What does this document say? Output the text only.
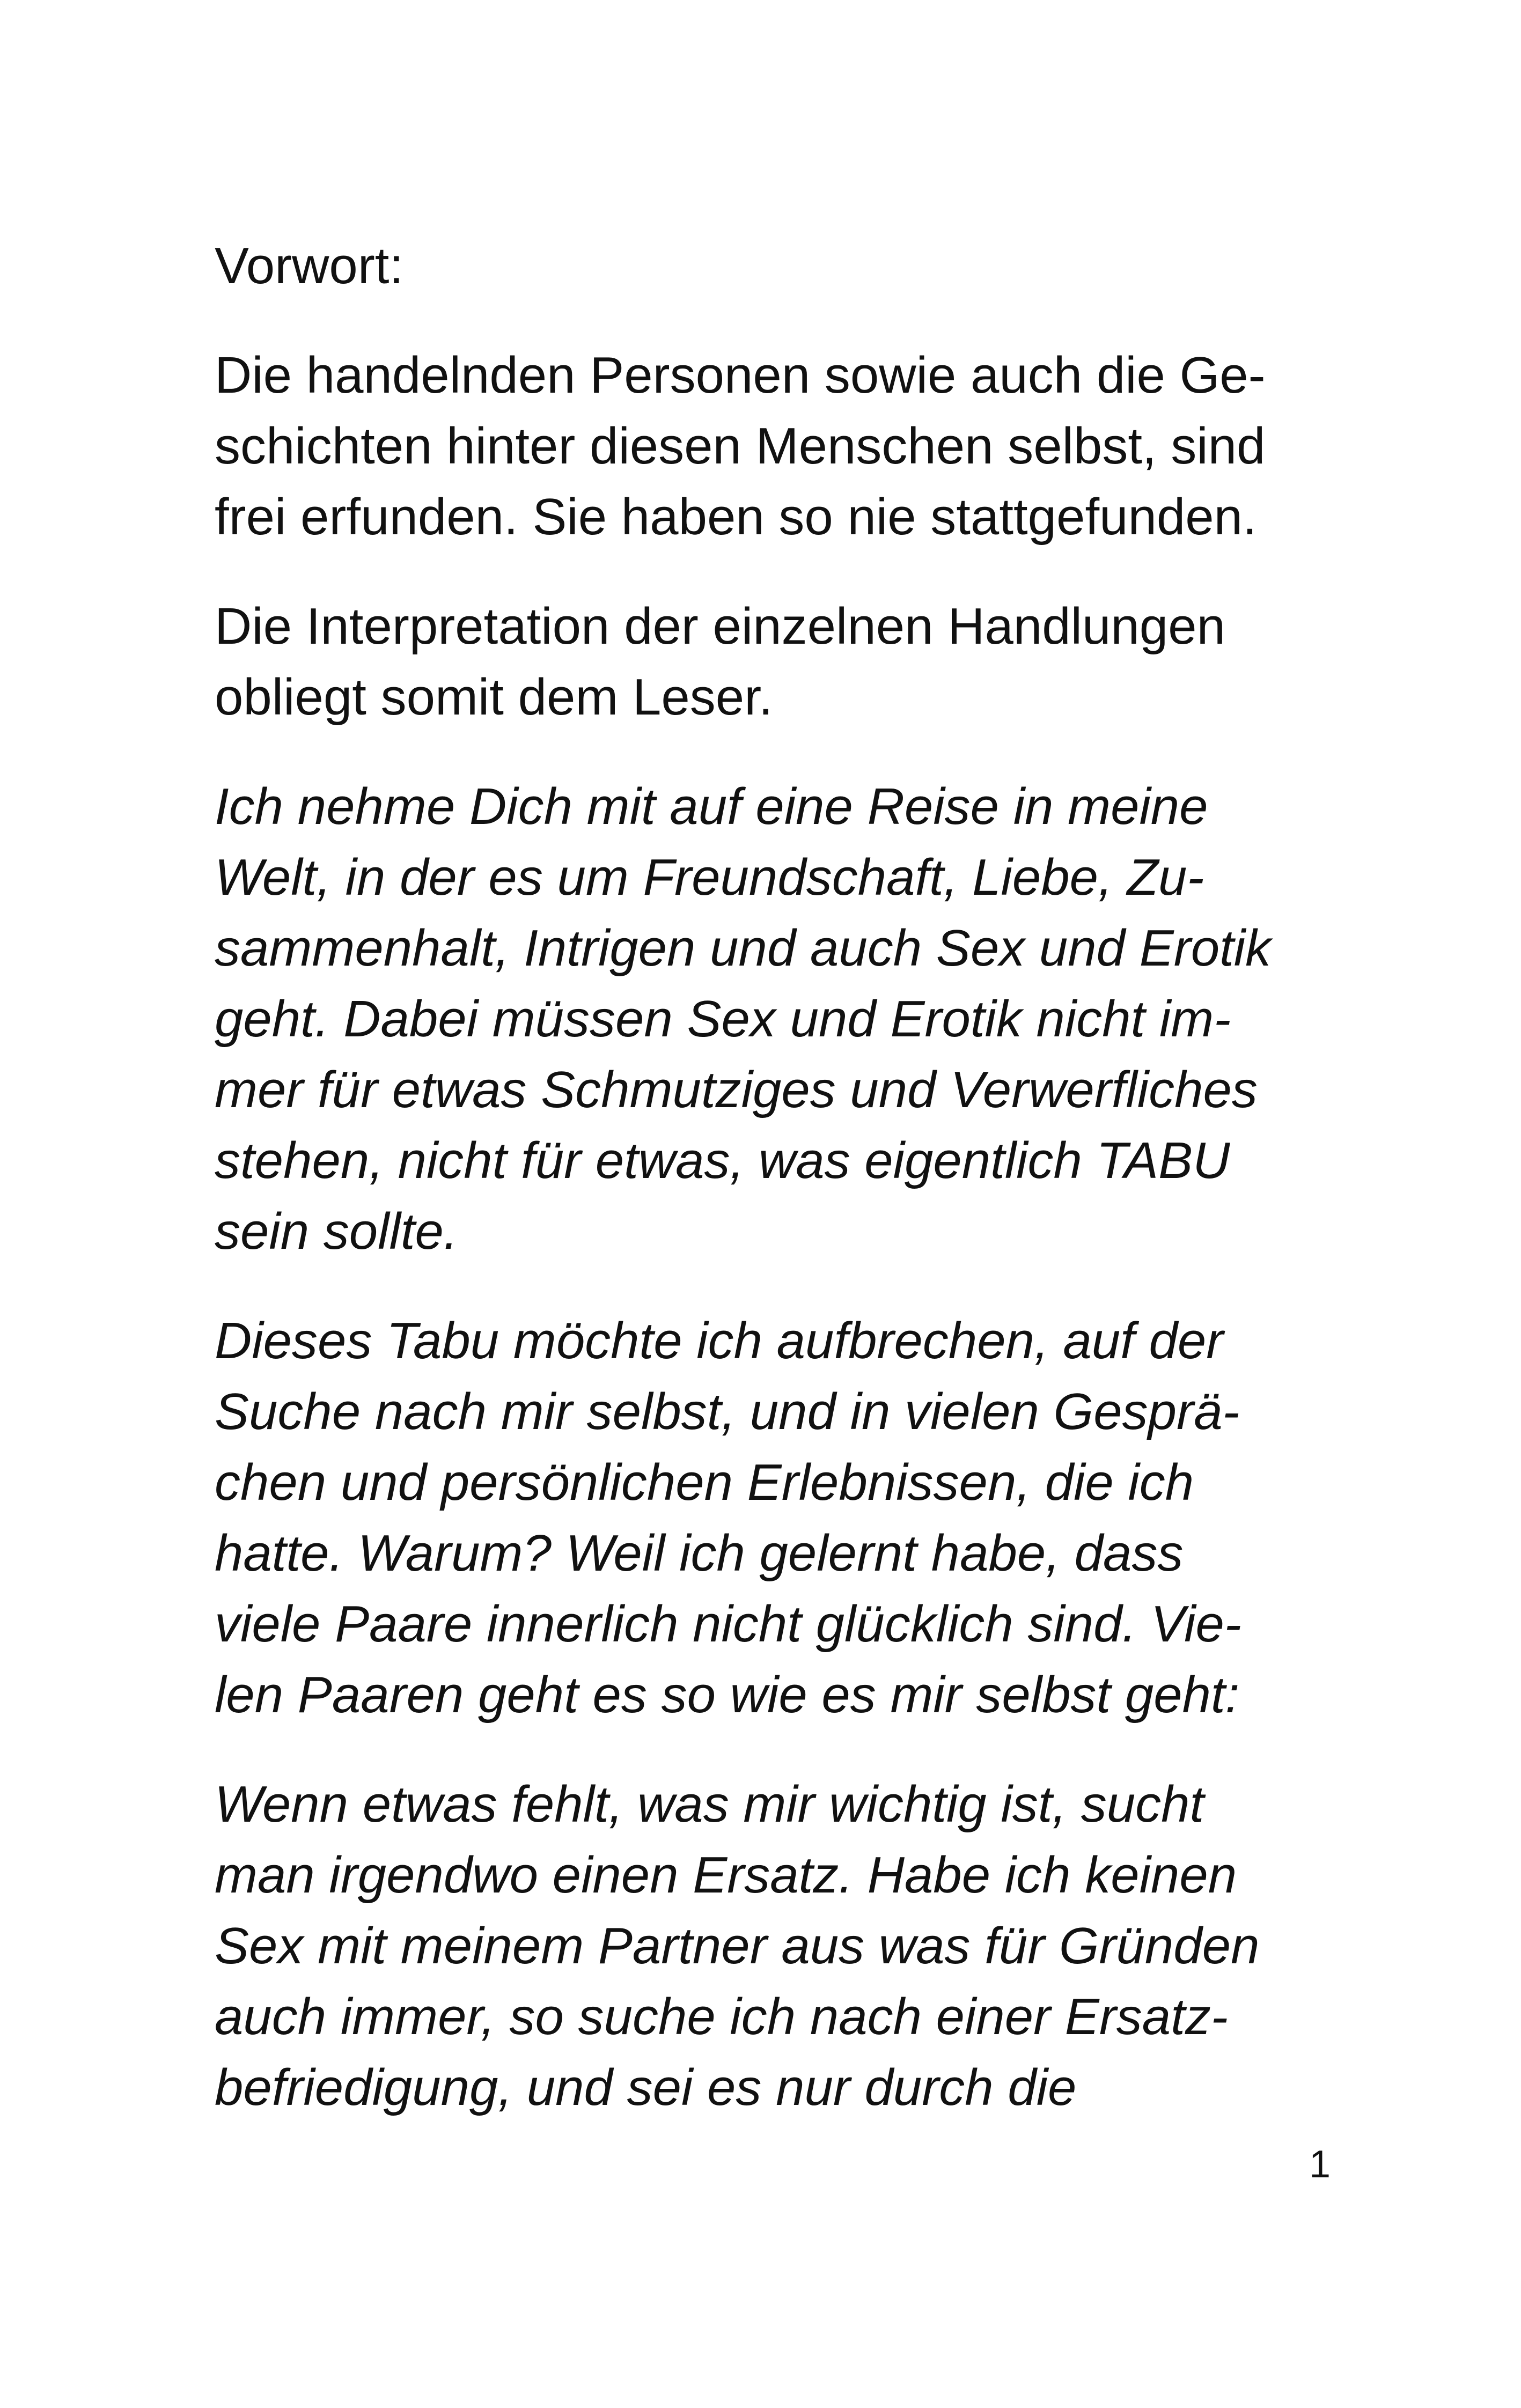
Vorwort:
Die handelnden Personen sowie auch die Ge-
schichten hinter diesen Menschen selbst, sind
frei erfunden. Sie haben so nie stattgefunden.
Die Interpretation der einzelnen Handlungen
obliegt somit dem Leser.
Ich nehme Dich mit auf eine Reise in meine
Welt, in der es um Freundschaft, Liebe, Zu-
sammenhalt, Intrigen und auch Sex und Erotik
geht. Dabei müssen Sex und Erotik nicht im-
mer für etwas Schmutziges und Verwerfliches
stehen, nicht für etwas, was eigentlich TABU
sein sollte.
Dieses Tabu möchte ich aufbrechen, auf der
Suche nach mir selbst, und in vielen Gesprä-
chen und persönlichen Erlebnissen, die ich
hatte. Warum? Weil ich gelernt habe, dass
viele Paare innerlich nicht glücklich sind. Vie-
len Paaren geht es so wie es mir selbst geht:
Wenn etwas fehlt, was mir wichtig ist, sucht
man irgendwo einen Ersatz. Habe ich keinen
Sex mit meinem Partner aus was für Gründen
auch immer, so suche ich nach einer Ersatz-
befriedigung, und sei es nur durch die
1
